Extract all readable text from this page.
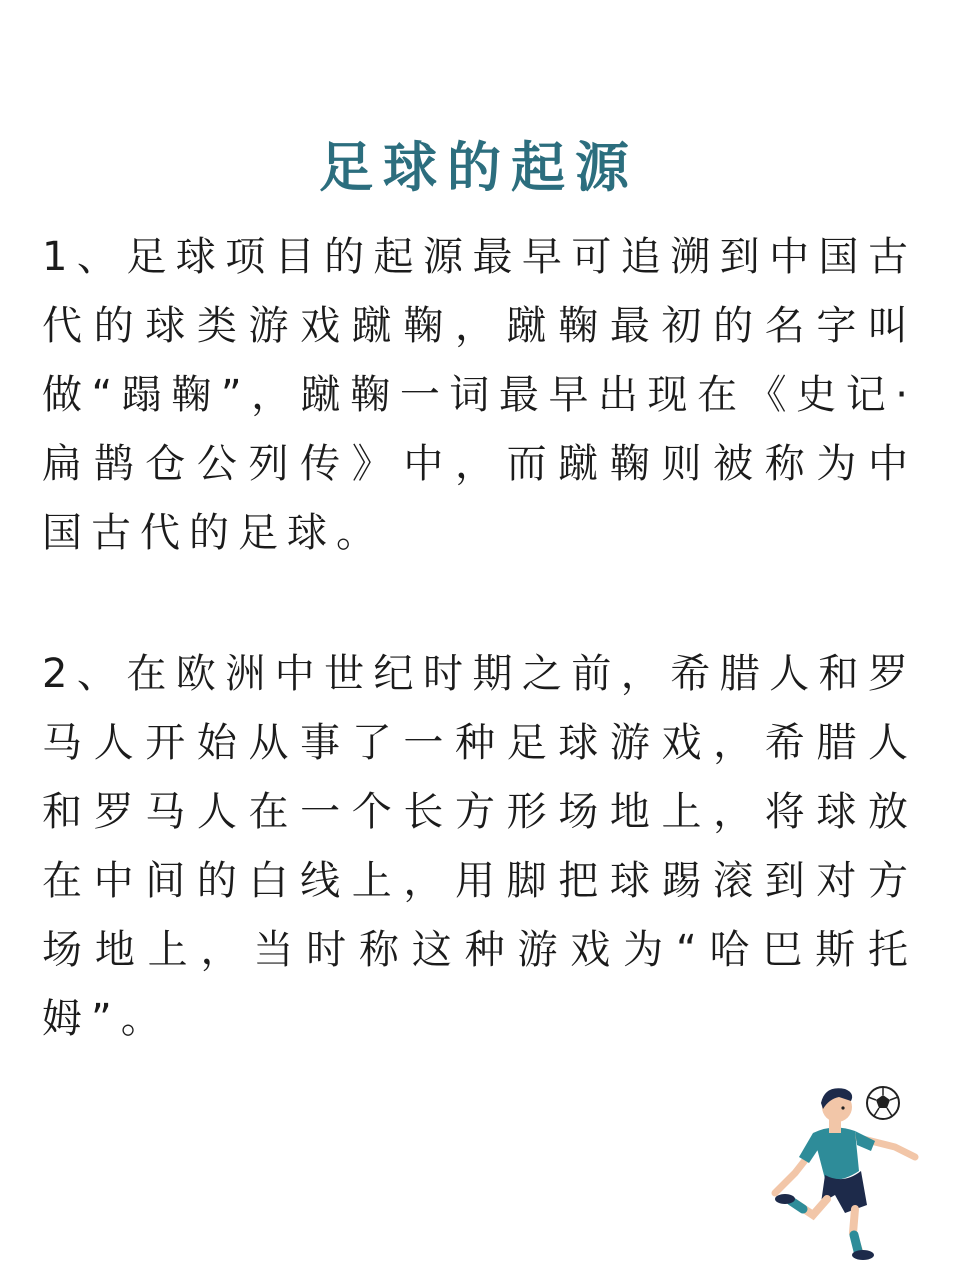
足球的起源

1、足球项目的起源最早可追溯到中国古代的球类游戏蹴鞠，蹴鞠最初的名字叫做“蹋鞠”，蹴鞠一词最早出现在《史记·扁鹊仓公列传》中，而蹴鞠则被称为中国古代的足球。

2、在欧洲中世纪时期之前，希腊人和罗马人开始从事了一种足球游戏，希腊人和罗马人在一个长方形场地上，将球放在中间的白线上，用脚把球踢滚到对方场地上，当时称这种游戏为“哈巴斯托姆”。
